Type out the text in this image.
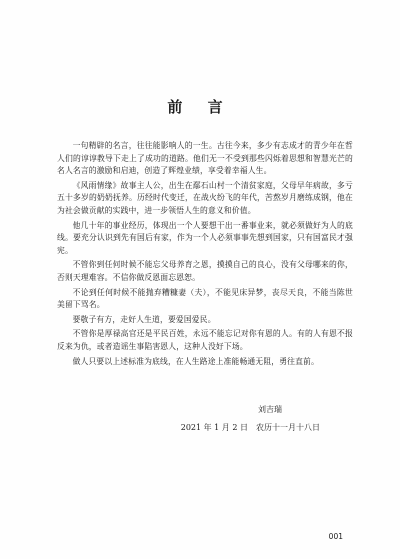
前 言

一句精辟的名言，往往能影响人的一生。古往今来，多少有志成才的青少年在哲人们的谆谆教导下走上了成功的道路。他们无一不受到那些闪烁着思想和智慧光芒的名人名言的激励和启迪，创造了辉煌业绩，享受着幸福人生。

《风雨情缘》故事主人公，出生在鄢石山村一个清贫家庭，父母早年病故，多亏五十多岁的奶奶抚养。历经时代变迁，在战火纷飞的年代，苦熬岁月磨练成钢，他在为社会做贡献的实践中，进一步领悟人生的意义和价值。

他几十年的事业经历，体现出一个人要想干出一番事业来，就必须做好为人的底线。要充分认识到先有国后有家，作为一个人必须事事先想到国家，只有国富民才强宪。

不管你到任何时候不能忘父母养育之恩，摸摸自己的良心，没有父母哪来的你，否则天理难容。不信你做反恩面忘恩恕。

不论到任何时候不能抛弃糟糠妻（夫），不能见床异梦，丧尽天良，不能当陈世美留下骂名。

要敬子有方，走好人生道，要爱国爱民。

不管你是厚禄高官还是平民百姓，永远不能忘记对你有恩的人。有的人有恩不报反来为仇，或者造谣生事陷害恩人，这种人没好下场。

做人只要以上述标准为底线，在人生路途上准能畅通无阻，勇往直前。

刘吉瑞
2021 年 1 月 2 日　农历十一月十八日
001
